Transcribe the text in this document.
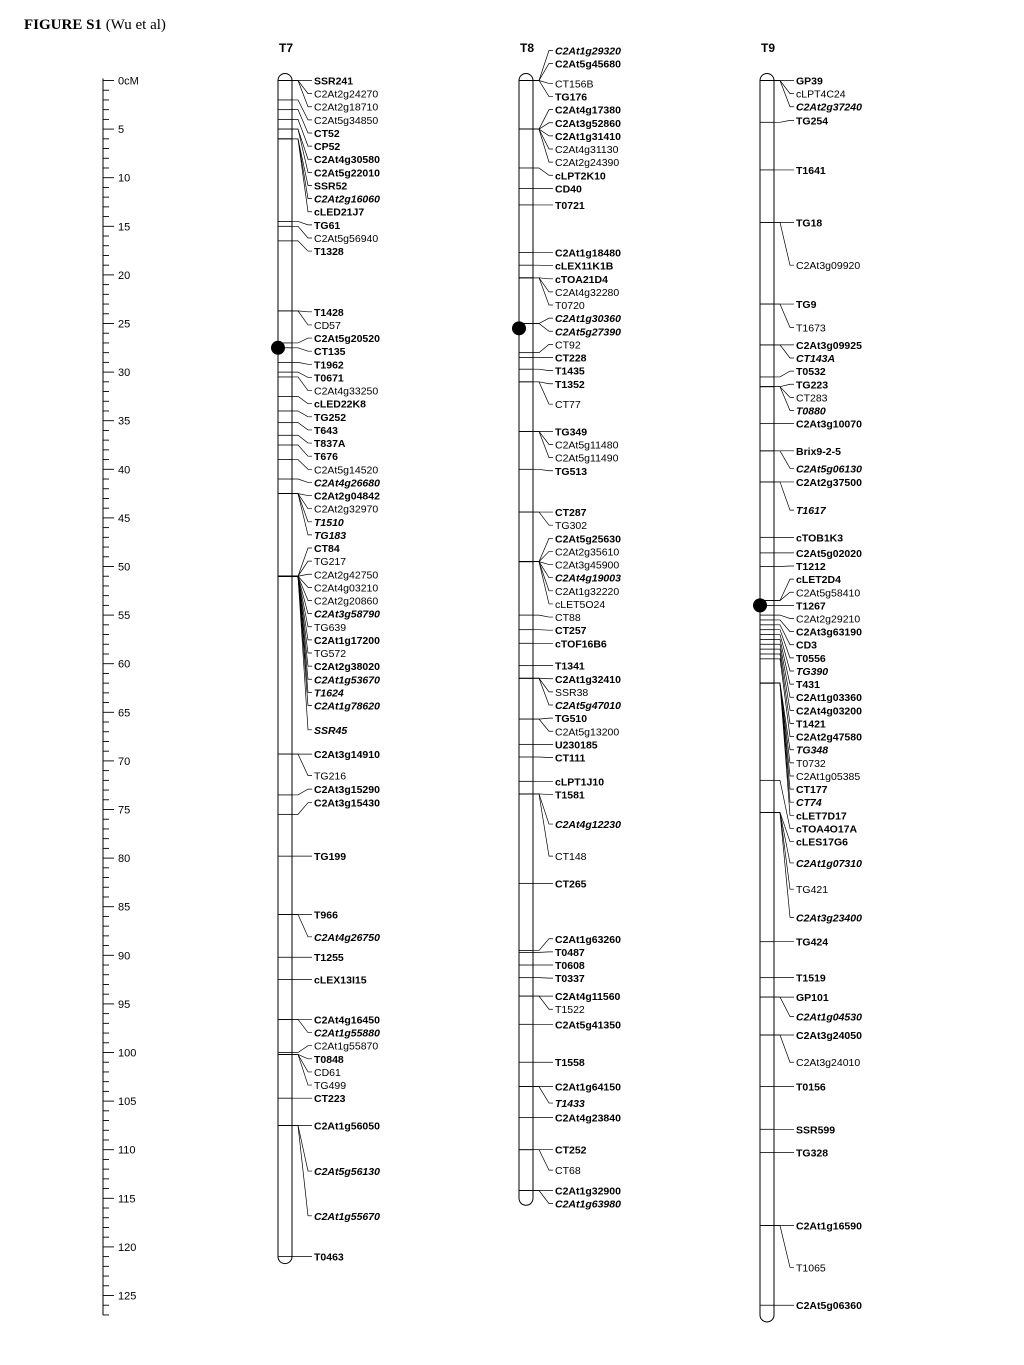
FIGURE S1 (Wu et al)
0cM
5
10
15
20
25
30
35
40
45
50
55
60
65
70
75
80
85
90
95
100
105
110
115
120
125
T7
SSR241
C2At2g24270
C2At2g18710
C2At5g34850
CT52
CP52
C2At4g30580
C2At5g22010
SSR52
C2At2g16060
cLED21J7
TG61
C2At5g56940
T1328
T1428
CD57
C2At5g20520
CT135
T1962
T0671
C2At4g33250
cLED22K8
TG252
T643
T837A
T676
C2At5g14520
C2At4g26680
C2At2g04842
C2At2g32970
T1510
TG183
CT84
TG217
C2At2g42750
C2At4g03210
C2At2g20860
C2At3g58790
TG639
C2At1g17200
TG572
C2At2g38020
C2At1g53670
T1624
C2At1g78620
SSR45
C2At3g14910
TG216
C2At3g15290
C2At3g15430
TG199
T966
C2At4g26750
T1255
cLEX13I15
C2At4g16450
C2At1g55880
C2At1g55870
T0848
CD61
TG499
CT223
C2At1g56050
C2At5g56130
C2At1g55670
T0463
T8 C2At1g29320
C2At5g45680
CT156B
TG176
C2At4g17380
C2At3g52860
C2At1g31410
C2At4g31130
C2At2g24390
cLPT2K10
CD40
T0721
C2At1g18480
cLEX11K1B
cTOA21D4
C2At4g32280
T0720
C2At1g30360
C2At5g27390
CT92
CT228
T1435
T1352
CT77
TG349
C2At5g11480
C2At5g11490
TG513
CT287
TG302
C2At5g25630
C2At2g35610
C2At3g45900
C2At4g19003
C2At1g32220
cLET5O24
CT88
CT257
cTOF16B6
T1341
C2At1g32410
SSR38
C2At5g47010
TG510
C2At5g13200
U230185
CT111
cLPT1J10
T1581
C2At4g12230
CT148
CT265
C2At1g63260
T0487
T0608
T0337
C2At4g11560
T1522
C2At5g41350
T1558
C2At1g64150
T1433
C2At4g23840
CT252
CT68
C2At1g32900
C2At1g63980
T9
GP39
cLPT4C24
C2At2g37240
TG254
T1641
TG18
C2At3g09920
TG9
T1673
C2At3g09925
CT143A
T0532
TG223
CT283
T0880
C2At3g10070
Brix9-2-5
C2At5g06130
C2At2g37500
T1617
cTOB1K3
C2At5g02020
T1212
cLET2D4
C2At5g58410
T1267
C2At2g29210
C2At3g63190
CD3
T0556
TG390
T431
C2At1g03360
C2At4g03200
T1421
C2At2g47580
TG348
T0732
C2At1g05385
CT177
CT74
cLET7D17
cTOA4O17A
cLES17G6
C2At1g07310
TG421
C2At3g23400
TG424
T1519
GP101
C2At1g04530
C2At3g24050
C2At3g24010
T0156
SSR599
TG328
C2At1g16590
T1065
C2At5g06360
